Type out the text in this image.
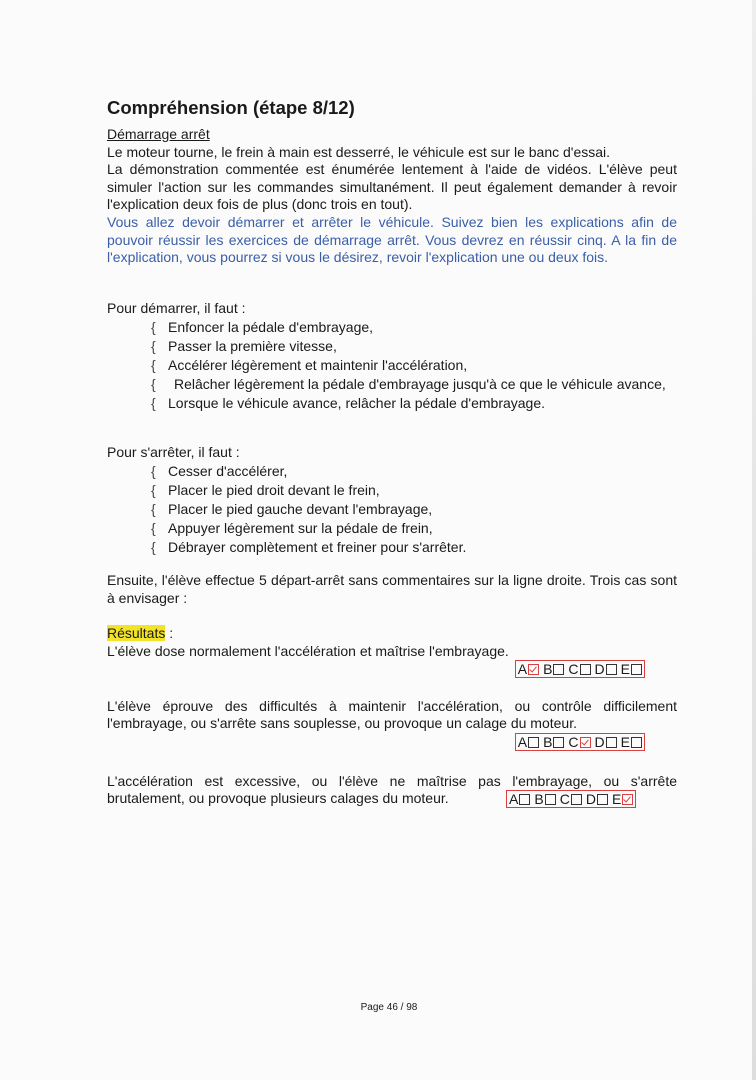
Compréhension (étape 8/12)
Démarrage arrêt
Le moteur tourne, le frein à main est desserré, le véhicule est sur le banc d'essai.
La démonstration commentée est énumérée lentement à l'aide de vidéos. L'élève peut simuler l'action sur les commandes simultanément. Il peut également demander à revoir l'explication deux fois de plus (donc trois en tout).
Vous allez devoir démarrer et arrêter le véhicule. Suivez bien les explications afin de pouvoir réussir les exercices de démarrage arrêt. Vous devrez en réussir cinq. A la fin de l'explication, vous pourrez si vous le désirez, revoir l'explication une ou deux fois.
Pour démarrer, il faut :
{ Enfoncer la pédale d'embrayage,
{ Passer la première vitesse,
{ Accélérer légèrement et maintenir l'accélération,
{ Relâcher légèrement la pédale d'embrayage jusqu'à ce que le véhicule avance,
{ Lorsque le véhicule avance, relâcher la pédale d'embrayage.
Pour s'arrêter, il faut :
{ Cesser d'accélérer,
{ Placer le pied droit devant le frein,
{ Placer le pied gauche devant l'embrayage,
{ Appuyer légèrement sur la pédale de frein,
{ Débrayer complètement et freiner pour s'arrêter.
Ensuite, l'élève effectue 5 départ-arrêt sans commentaires sur la ligne droite. Trois cas sont à envisager :
Résultats :
L'élève dose normalement l'accélération et maîtrise l'embrayage.
A B C D E
L'élève éprouve des difficultés à maintenir l'accélération, ou contrôle difficilement l'embrayage, ou s'arrête sans souplesse, ou provoque un calage du moteur.
A B C D E
L'accélération est excessive, ou l'élève ne maîtrise pas l'embrayage, ou s'arrête brutalement, ou provoque plusieurs calages du moteur.	A B C D E
Page 46 / 98
